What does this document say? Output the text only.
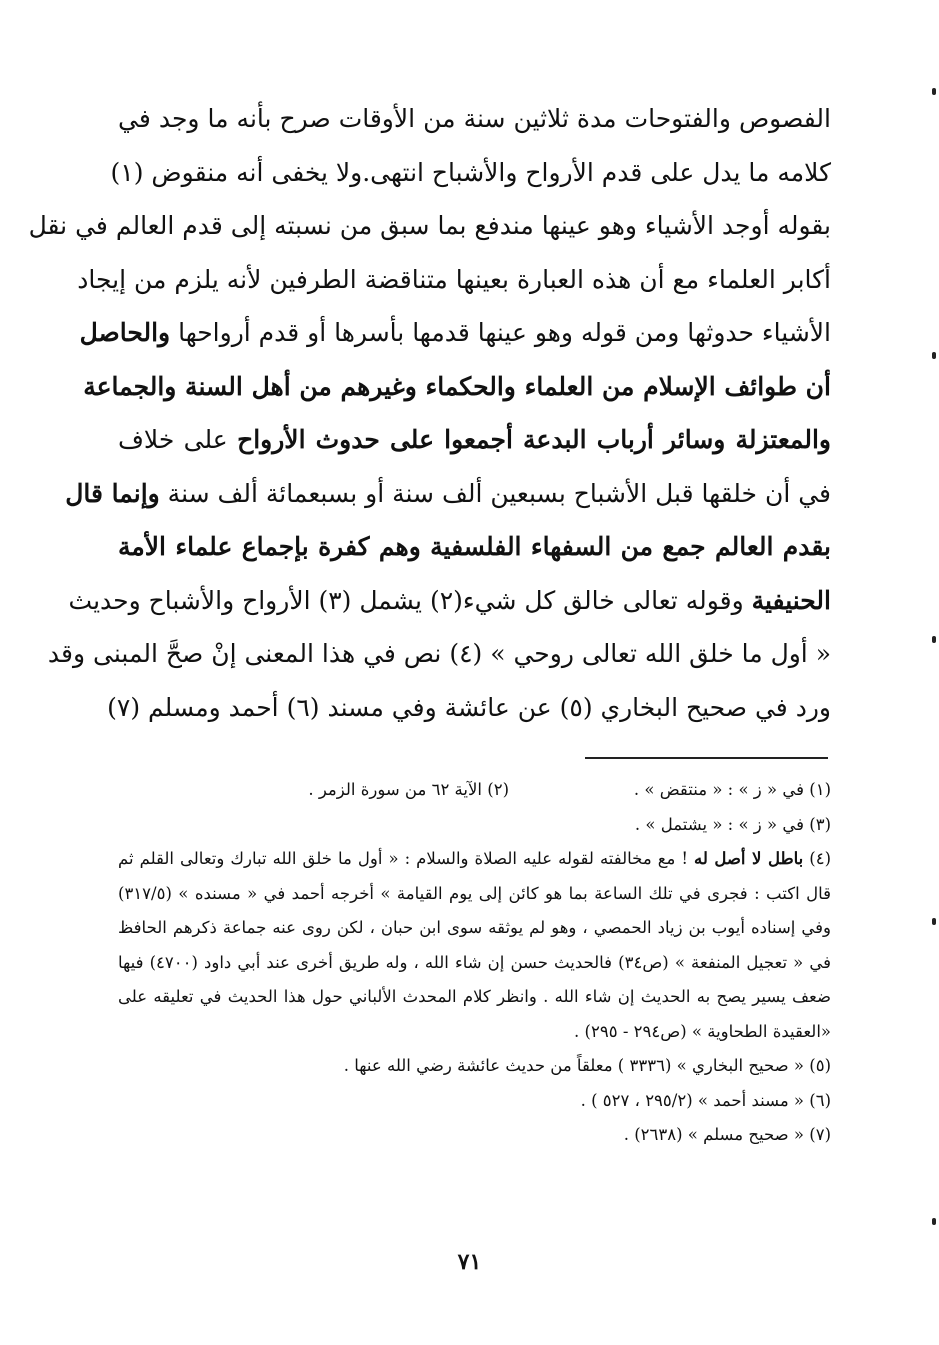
الفصوص والفتوحات مدة ثلاثين سنة من الأوقات صرح بأنه ما وجد في
كلامه ما يدل على قدم الأرواح والأشباح انتهى.ولا يخفى أنه منقوض (١)
بقوله أوجد الأشياء وهو عينها مندفع بما سبق من نسبته إلى قدم العالم في نقل
أكابر العلماء مع أن هذه العبارة بعينها متناقضة الطرفين لأنه يلزم من إيجاد
الأشياء حدوثها ومن قوله وهو عينها قدمها بأسرها أو قدم أرواحها والحاصل
أن طوائف الإسلام من العلماء والحكماء وغيرهم من أهل السنة والجماعة
والمعتزلة وسائر أرباب البدعة أجمعوا على حدوث الأرواح على خلاف
في أن خلقها قبل الأشباح بسبعين ألف سنة أو بسبعمائة ألف سنة وإنما قال
بقدم العالم جمع من السفهاء الفلسفية وهم كفرة بإجماع علماء الأمة
الحنيفية وقوله تعالى خالق كل شيء(٢) يشمل (٣) الأرواح والأشباح وحديث
« أول ما خلق الله تعالى روحي » (٤) نص في هذا المعنى إنْ صحَّ المبنى وقد
ورد في صحيح البخاري (٥) عن عائشة وفي مسند (٦) أحمد ومسلم (٧)
(١) في « ز » : « منتقض » .
(٢) الآية ٦٢ من سورة الزمر .
(٣) في « ز » : « يشتمل » .
(٤) باطل لا أصل له ! مع مخالفته لقوله عليه الصلاة والسلام : « أول ما خلق الله تبارك وتعالى القلم ثم قال اكتب : فجرى في تلك الساعة بما هو كائن إلى يوم القيامة » أخرجه أحمد في « مسنده » (٣١٧/٥) وفي إسناده أيوب بن زياد الحمصي ، وهو لم يوثقه سوى ابن حبان ، لكن روى عنه جماعة ذكرهم الحافظ في « تعجيل المنفعة » (ص٣٤) فالحديث حسن إن شاء الله ، وله طريق أخرى عند أبي داود (٤٧٠٠) فيها ضعف يسير يصح به الحديث إن شاء الله . وانظر كلام المحدث الألباني حول هذا الحديث في تعليقه على «العقيدة الطحاوية » (ص٢٩٤ - ٢٩٥) .
(٥) « صحيح البخاري » (٣٣٣٦ ) معلقاً من حديث عائشة رضي الله عنها .
(٦) « مسند أحمد » (٢٩٥/٢ ، ٥٢٧ ) .
(٧) « صحيح مسلم » (٢٦٣٨) .
٧١
